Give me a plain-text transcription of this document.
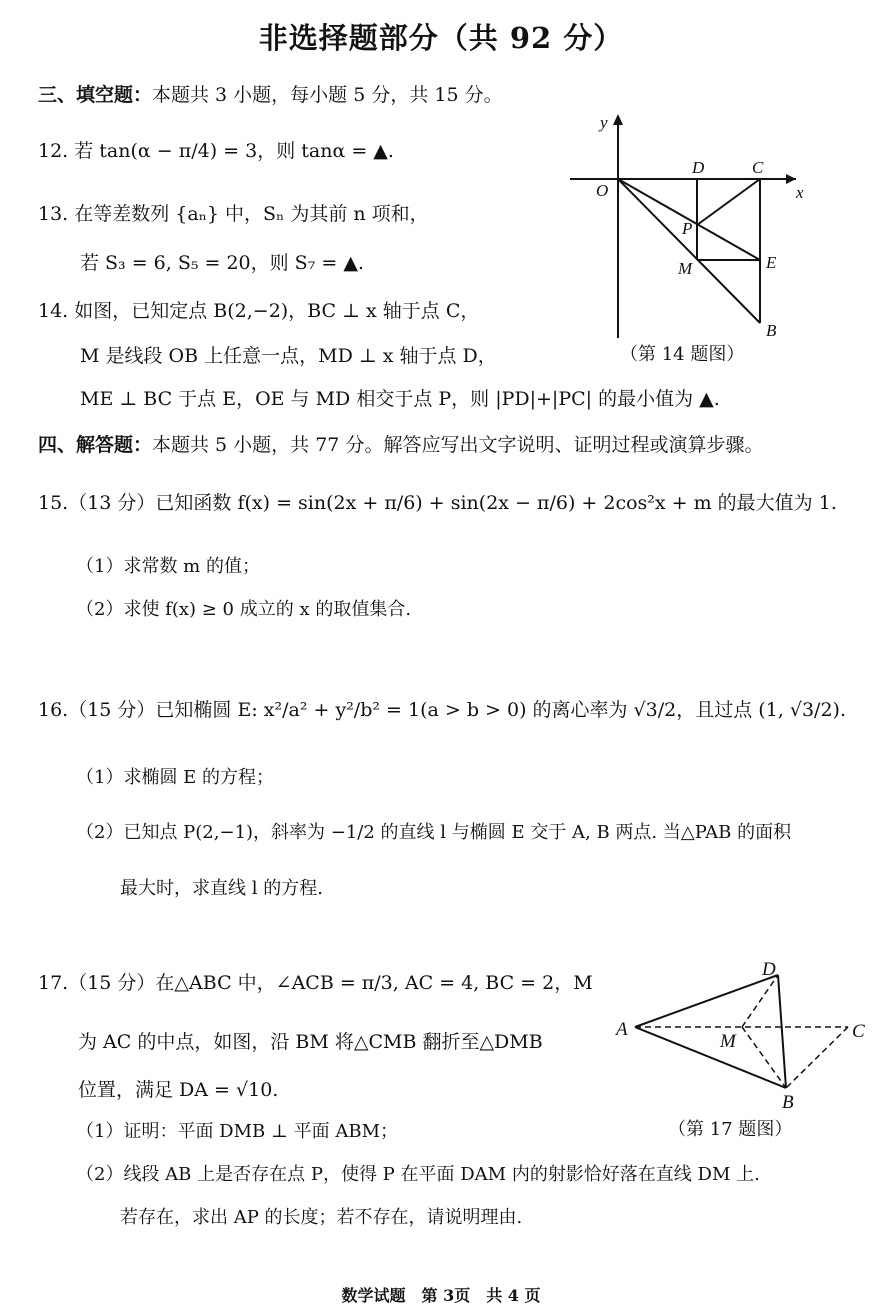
非选择题部分（共 92 分）
三、填空题：本题共 3 小题，每小题 5 分，共 15 分。
12. 若 tan(α − π/4) = 3，则 tanα = ▲.
13. 在等差数列 {aₙ} 中，Sₙ 为其前 n 项和，
若 S₃ = 6, S₅ = 20，则 S₇ = ▲.
14. 如图，已知定点 B(2,−2)，BC ⊥ x 轴于点 C，
M 是线段 OB 上任意一点，MD ⊥ x 轴于点 D，
ME ⊥ BC 于点 E，OE 与 MD 相交于点 P，则 |PD|+|PC| 的最小值为 ▲.
y
x
O
D	C
P
M	E
B
（第 14 题图）
四、解答题：本题共 5 小题，共 77 分。解答应写出文字说明、证明过程或演算步骤。
15.（13 分）已知函数 f(x) = sin(2x + π/6) + sin(2x − π/6) + 2cos²x + m 的最大值为 1.
（1）求常数 m 的值；
（2）求使 f(x) ≥ 0 成立的 x 的取值集合.
16.（15 分）已知椭圆 E: x²/a² + y²/b² = 1(a > b > 0) 的离心率为 √3/2，且过点 (1, √3/2).
（1）求椭圆 E 的方程；
（2）已知点 P(2,−1)，斜率为 −1/2 的直线 l 与椭圆 E 交于 A, B 两点. 当△PAB 的面积
最大时，求直线 l 的方程.
17.（15 分）在△ABC 中，∠ACB = π/3, AC = 4, BC = 2，M
为 AC 的中点，如图，沿 BM 将△CMB 翻折至△DMB
位置，满足 DA = √10.
（1）证明：平面 DMB ⊥ 平面 ABM；
（2）线段 AB 上是否存在点 P，使得 P 在平面 DAM 内的射影恰好落在直线 DM 上.
若存在，求出 AP 的长度；若不存在，请说明理由.
D
A
M	C
B
（第 17 题图）
数学试题　第 3页　共 4 页
